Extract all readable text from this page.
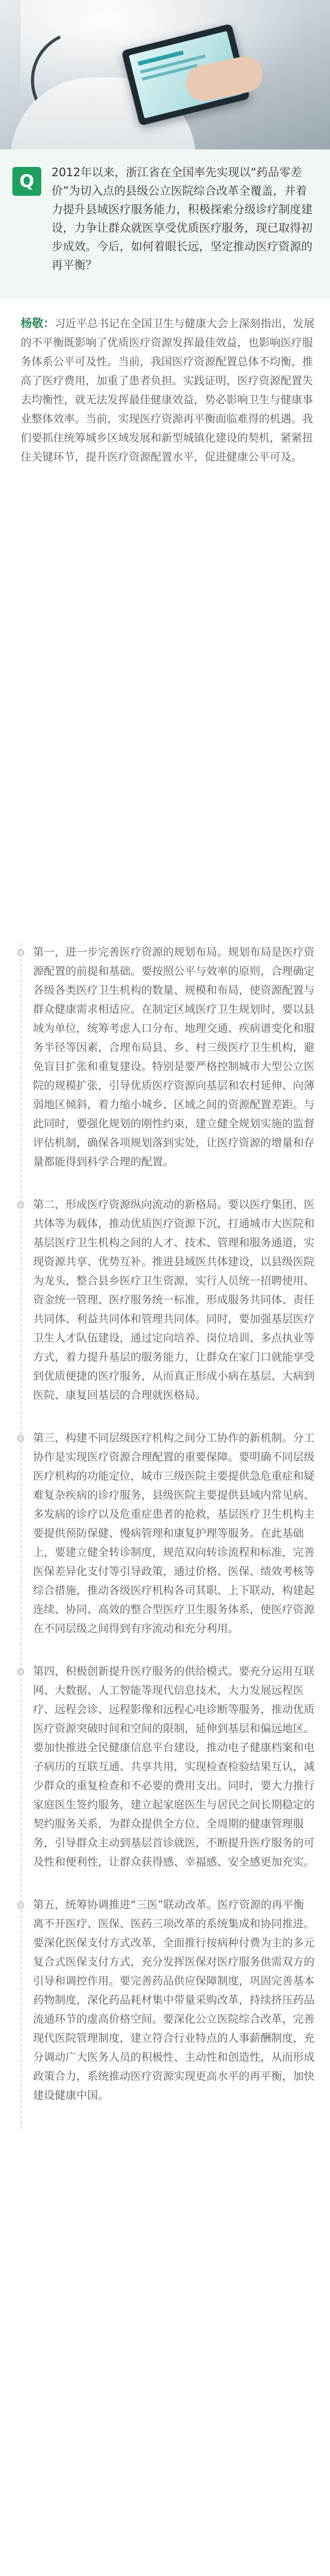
Q	2012年以来，浙江省在全国率先实现以“药品零差价”为切入点的县级公立医院综合改革全覆盖，并着力提升县域医疗服务能力，积极探索分级诊疗制度建设，力争让群众就医享受优质医疗服务，现已取得初步成效。今后，如何着眼长远，坚定推动医疗资源的再平衡？

杨敬：习近平总书记在全国卫生与健康大会上深刻指出，发展的不平衡既影响了优质医疗资源发挥最佳效益，也影响医疗服务体系公平可及性。当前，我国医疗资源配置总体不均衡，推高了医疗费用，加重了患者负担。实践证明，医疗资源配置失去均衡性，就无法发挥最佳健康效益，势必影响卫生与健康事业整体效率。当前，实现医疗资源再平衡面临难得的机遇。我们要抓住统筹城乡区域发展和新型城镇化建设的契机，紧紧扭住关键环节，提升医疗资源配置水平，促进健康公平可及。

第一，进一步完善医疗资源的规划布局。规划布局是医疗资源配置的前提和基础。要按照公平与效率的原则，合理确定各级各类医疗卫生机构的数量、规模和布局，使资源配置与群众健康需求相适应。在制定区域医疗卫生规划时，要以县域为单位，统筹考虑人口分布、地理交通、疾病谱变化和服务半径等因素，合理布局县、乡、村三级医疗卫生机构，避免盲目扩张和重复建设。特别是要严格控制城市大型公立医院的规模扩张，引导优质医疗资源向基层和农村延伸、向薄弱地区倾斜，着力缩小城乡、区域之间的资源配置差距。与此同时，要强化规划的刚性约束，建立健全规划实施的监督评估机制，确保各项规划落到实处，让医疗资源的增量和存量都能得到科学合理的配置。

第二，形成医疗资源纵向流动的新格局。要以医疗集团、医共体等为载体，推动优质医疗资源下沉，打通城市大医院和基层医疗卫生机构之间的人才、技术、管理和服务通道，实现资源共享、优势互补。推进县域医共体建设，以县级医院为龙头，整合县乡医疗卫生资源，实行人员统一招聘使用、资金统一管理、医疗服务统一标准，形成服务共同体、责任共同体、利益共同体和管理共同体。同时，要加强基层医疗卫生人才队伍建设，通过定向培养、岗位培训、多点执业等方式，着力提升基层的服务能力，让群众在家门口就能享受到优质便捷的医疗服务，从而真正形成小病在基层、大病到医院、康复回基层的合理就医格局。

第三，构建不同层级医疗机构之间分工协作的新机制。分工协作是实现医疗资源合理配置的重要保障。要明确不同层级医疗机构的功能定位，城市三级医院主要提供急危重症和疑难复杂疾病的诊疗服务，县级医院主要提供县域内常见病、多发病的诊疗以及危重症患者的抢救，基层医疗卫生机构主要提供预防保健、慢病管理和康复护理等服务。在此基础上，要建立健全转诊制度，规范双向转诊流程和标准，完善医保差异化支付等引导政策，通过价格、医保、绩效考核等综合措施，推动各级医疗机构各司其职、上下联动，构建起连续、协同、高效的整合型医疗卫生服务体系，使医疗资源在不同层级之间得到有序流动和充分利用。

第四，积极创新提升医疗服务的供给模式。要充分运用互联网、大数据、人工智能等现代信息技术，大力发展远程医疗、远程会诊、远程影像和远程心电诊断等服务，推动优质医疗资源突破时间和空间的限制，延伸到基层和偏远地区。要加快推进全民健康信息平台建设，推动电子健康档案和电子病历的互联互通、共享共用，实现检查检验结果互认，减少群众的重复检查和不必要的费用支出。同时，要大力推行家庭医生签约服务，建立起家庭医生与居民之间长期稳定的契约服务关系，为群众提供全方位、全周期的健康管理服务，引导群众主动到基层首诊就医，不断提升医疗服务的可及性和便利性，让群众获得感、幸福感、安全感更加充实。

第五，统筹协调推进“三医”联动改革。医疗资源的再平衡离不开医疗、医保、医药三项改革的系统集成和协同推进。要深化医保支付方式改革，全面推行按病种付费为主的多元复合式医保支付方式，充分发挥医保对医疗服务供需双方的引导和调控作用。要完善药品供应保障制度，巩固完善基本药物制度，深化药品耗材集中带量采购改革，持续挤压药品流通环节的虚高价格空间。要深化公立医院综合改革，完善现代医院管理制度，建立符合行业特点的人事薪酬制度，充分调动广大医务人员的积极性、主动性和创造性，从而形成政策合力，系统推动医疗资源实现更高水平的再平衡，加快建设健康中国。
